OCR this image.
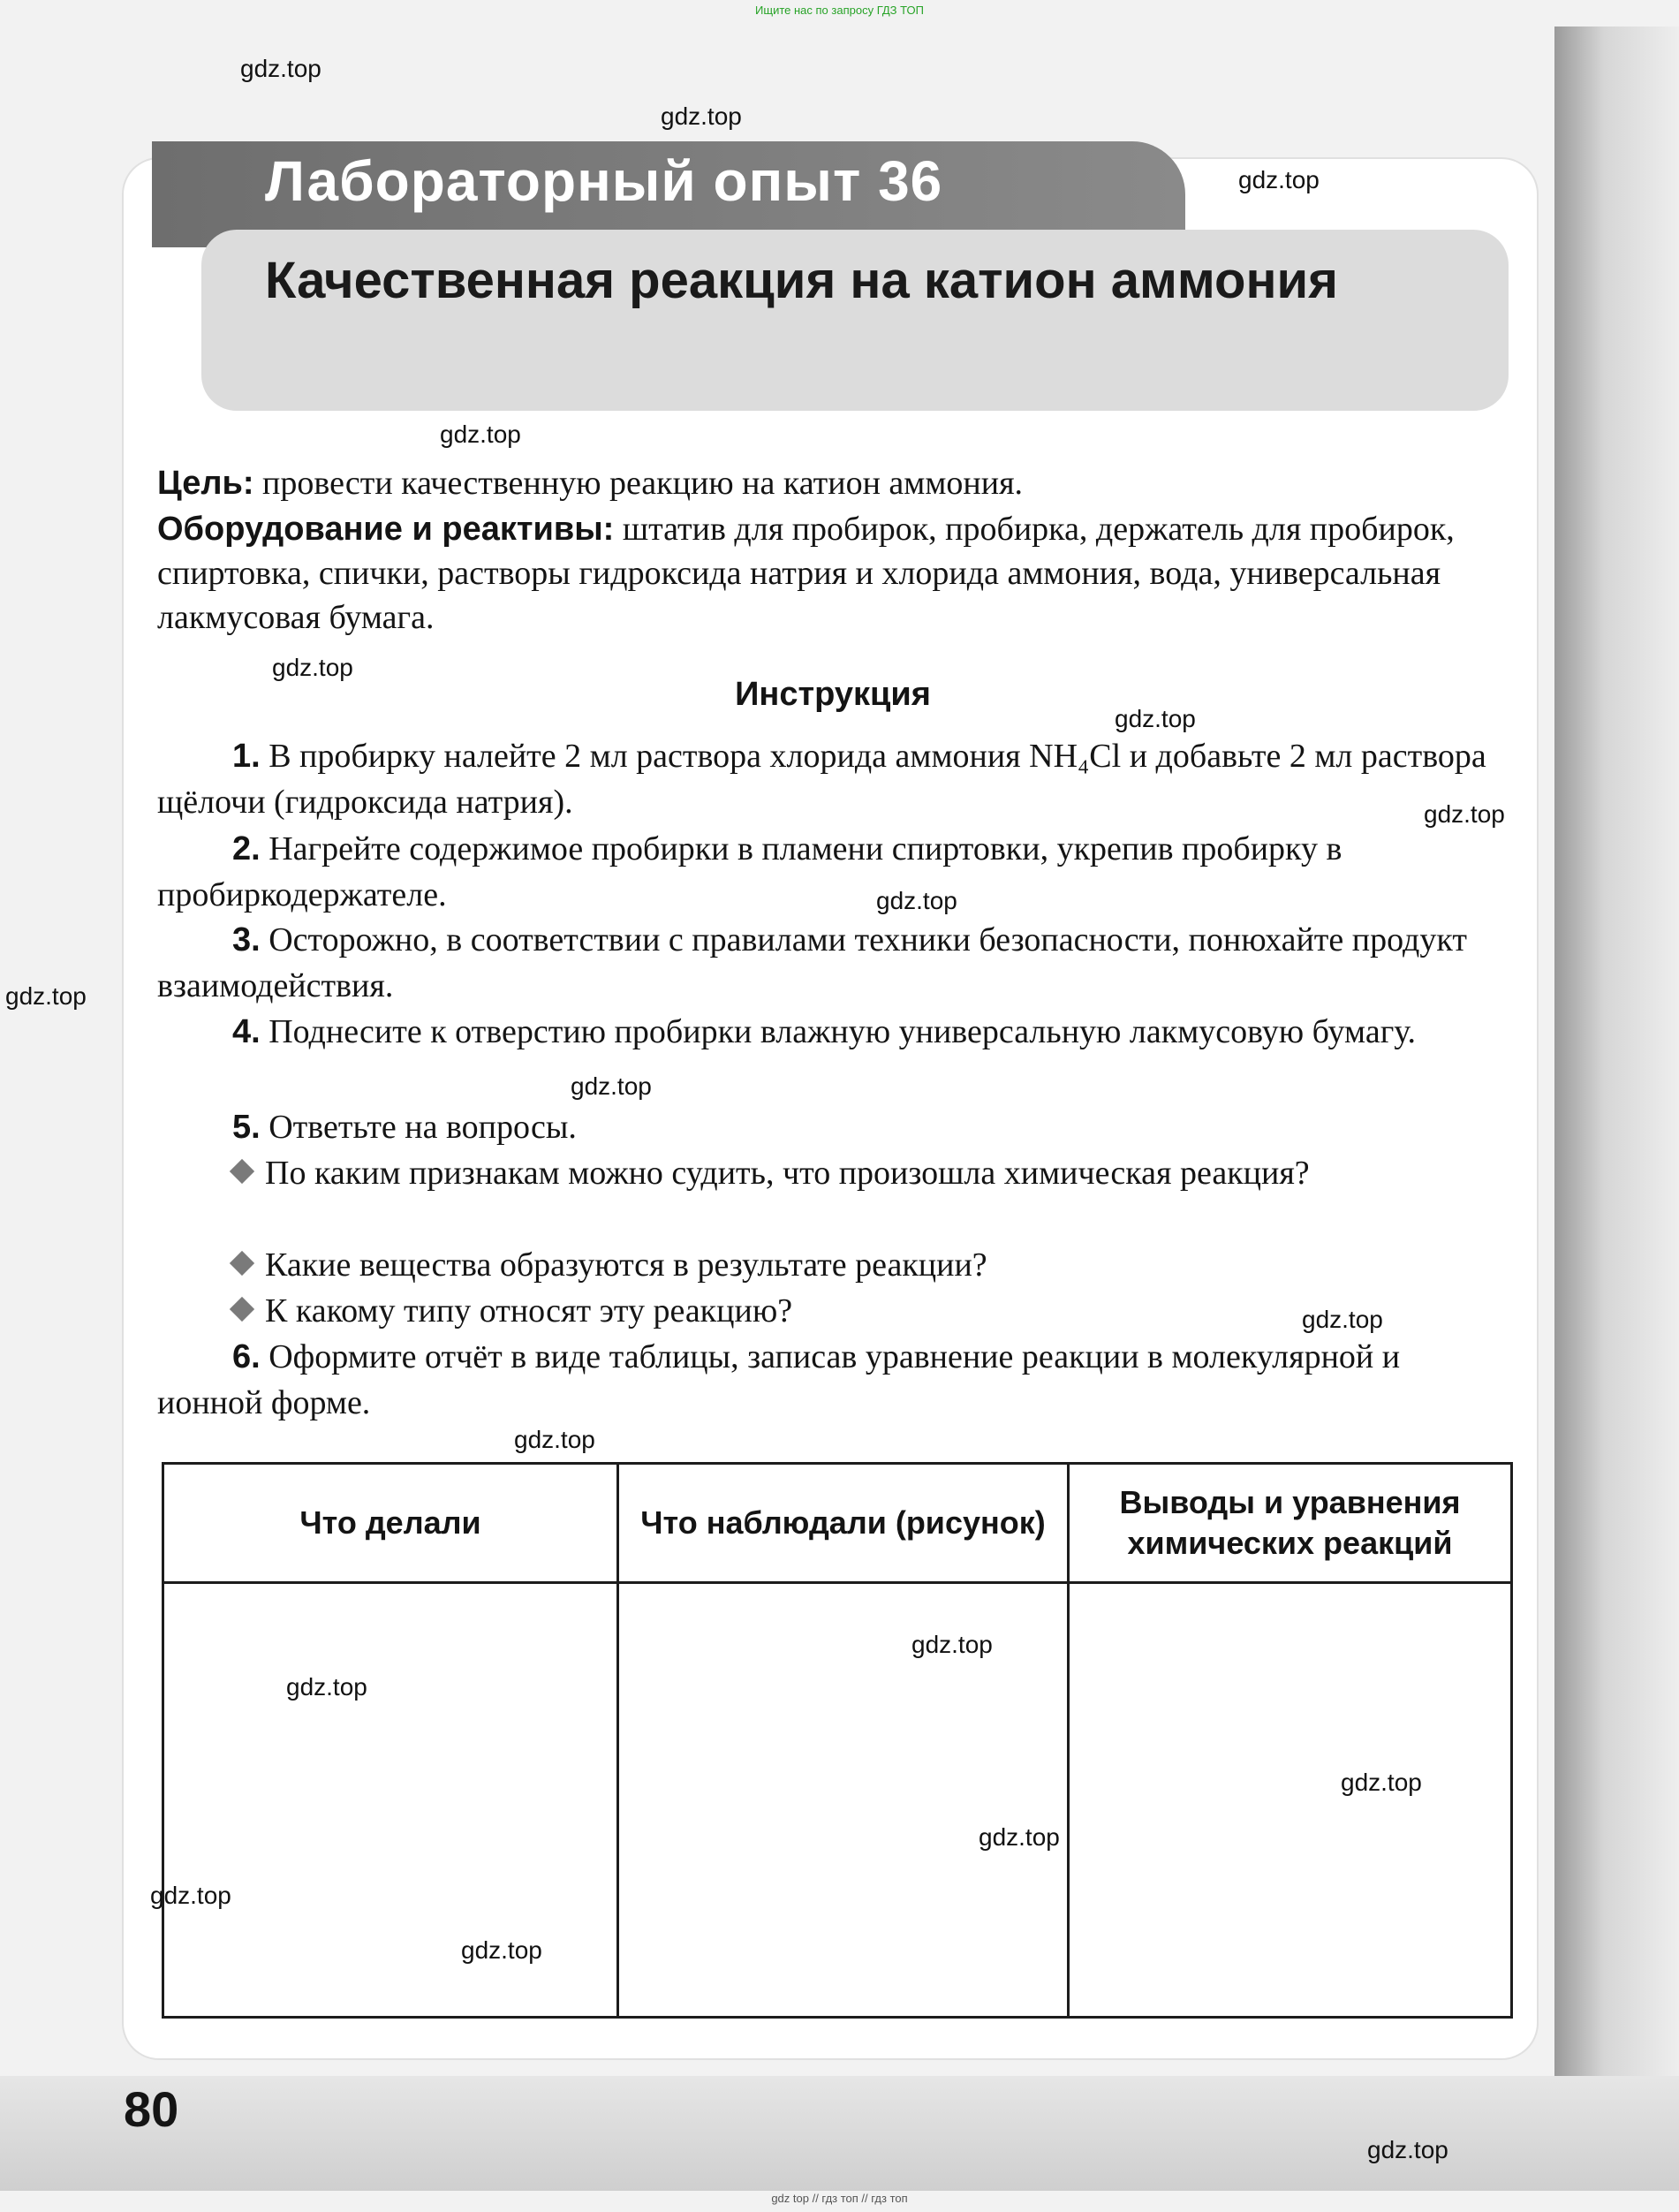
Ищите нас по запросу ГДЗ ТОП
Лабораторный опыт 36
Качественная реакция на катион аммония
Цель: провести качественную реакцию на катион аммония.
Оборудование и реактивы: штатив для пробирок, пробирка, держатель для пробирок, спиртовка, спички, растворы гидроксида натрия и хлорида аммония, вода, универсальная лакмусовая бумага.
Инструкция
1. В пробирку налейте 2 мл раствора хлорида аммония NH₄Cl и добавьте 2 мл раствора щёлочи (гидроксида натрия).
2. Нагрейте содержимое пробирки в пламени спиртовки, укрепив пробирку в пробиркодержателе.
3. Осторожно, в соответствии с правилами техники безопасности, понюхайте продукт взаимодействия.
4. Поднесите к отверстию пробирки влажную универсальную лакмусовую бумагу.
5. Ответьте на вопросы.
По каким признакам можно судить, что произошла химическая реакция?
Какие вещества образуются в результате реакции?
К какому типу относят эту реакцию?
6. Оформите отчёт в виде таблицы, записав уравнение реакции в молекулярной и ионной форме.
Что делали	Что наблюдали (рисунок)	Выводы и уравнения химических реакций

80
gdz.top
gdz.top
gdz.top
gdz.top
gdz.top
gdz.top
gdz.top
gdz.top
gdz.top
gdz.top
gdz.top
gdz.top
gdz.top
gdz.top
gdz.top
gdz.top
gdz.top
gdz.top
gdz.top
gdz top // гдз топ // гдз топ
